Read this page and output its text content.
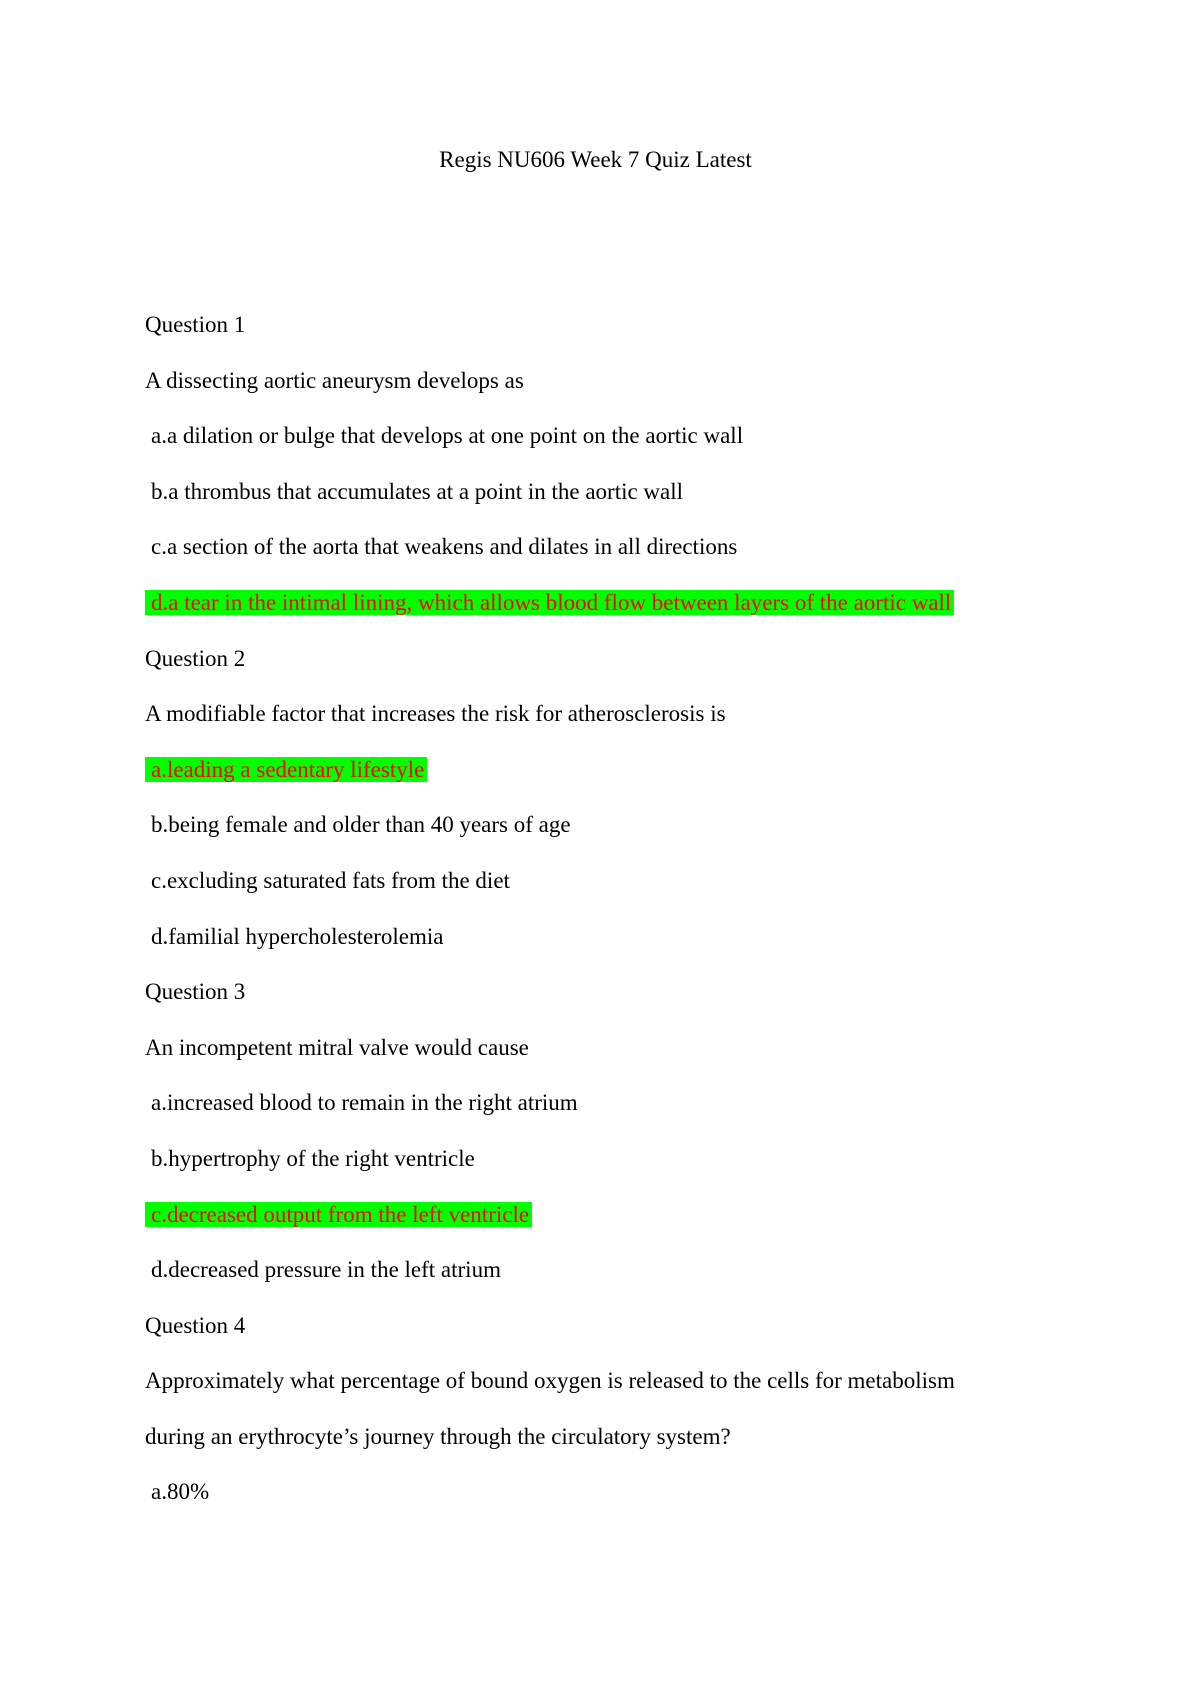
Regis NU606 Week 7 Quiz Latest
Question 1
A dissecting aortic aneurysm develops as
a.a dilation or bulge that develops at one point on the aortic wall
b.a thrombus that accumulates at a point in the aortic wall
c.a section of the aorta that weakens and dilates in all directions
d.a tear in the intimal lining, which allows blood flow between layers of the aortic wall
Question 2
A modifiable factor that increases the risk for atherosclerosis is
a.leading a sedentary lifestyle
b.being female and older than 40 years of age
c.excluding saturated fats from the diet
d.familial hypercholesterolemia
Question 3
An incompetent mitral valve would cause
a.increased blood to remain in the right atrium
b.hypertrophy of the right ventricle
c.decreased output from the left ventricle
d.decreased pressure in the left atrium
Question 4
Approximately what percentage of bound oxygen is released to the cells for metabolism
during an erythrocyte’s journey through the circulatory system?
a.80%
